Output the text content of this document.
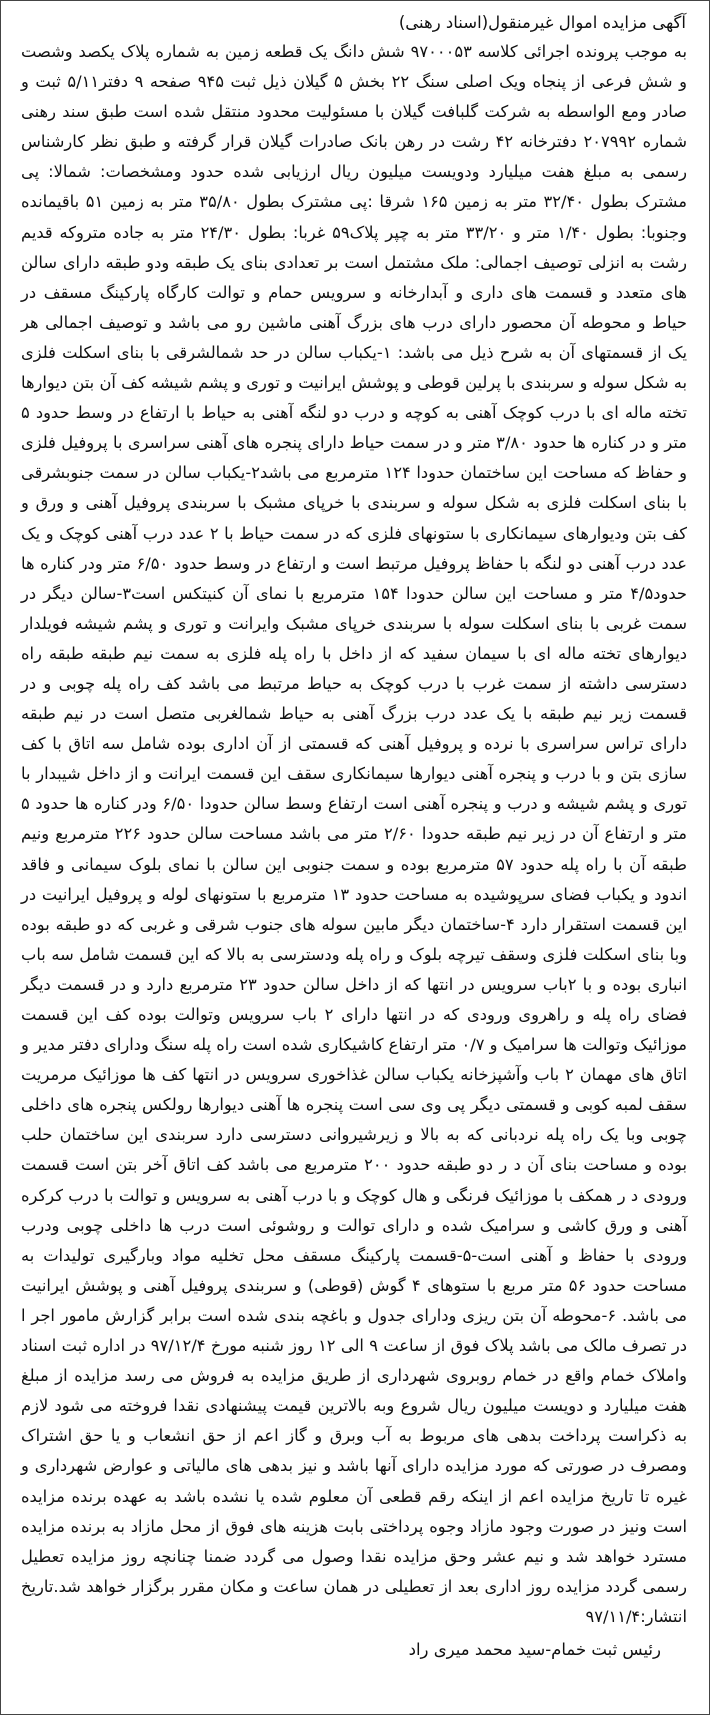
آگهی مزایده اموال غیرمنقول(اسناد رهنی)

به موجب پرونده اجرائی کلاسه ۹۷۰۰۰۵۳ شش دانگ یک قطعه زمین به شماره پلاک یکصد وشصت و شش فرعی از پنجاه ویک اصلی سنگ ۲۲ بخش ۵ گیلان ذیل ثبت ۹۴۵ صفحه ۹ دفتر۵/۱۱ ثبت و صادر ومع الواسطه به شرکت گلبافت گیلان با مسئولیت محدود منتقل شده است طبق سند رهنی شماره ۲۰۷۹۹۲ دفترخانه ۴۲ رشت در رهن بانک صادرات گیلان قرار گرفته و طبق نظر کارشناس رسمی به مبلغ هفت میلیارد ودویست میلیون ریال ارزیابی شده حدود ومشخصات: شمالا: پی مشترک بطول ۳۲/۴۰ متر به زمین ۱۶۵ شرقا :پی مشترک بطول ۳۵/۸۰ متر به زمین ۵۱ باقیمانده وجنوبا: بطول ۱/۴۰ متر و ۳۳/۲۰ متر به چپر پلاک۵۹ غربا: بطول ۲۴/۳۰ متر به جاده متروکه قدیم رشت به انزلی توصیف اجمالی: ملک مشتمل است بر تعدادی بنای یک طبقه ودو طبقه دارای سالن های متعدد و قسمت های داری و آبدارخانه و سرویس حمام و توالت کارگاه پارکینگ مسقف در حیاط و محوطه آن محصور دارای درب های بزرگ آهنی ماشین رو می باشد و توصیف اجمالی هر یک از قسمتهای آن به شرح ذیل می باشد: ۱-یکباب سالن در حد شمالشرقی با بنای اسکلت فلزی به شکل سوله و سربندی با پرلین قوطی و پوشش ایرانیت و توری و پشم شیشه کف آن بتن دیوارها تخته ماله ای با درب کوچک آهنی به کوچه و درب دو لنگه آهنی به حیاط با ارتفاع در وسط حدود ۵ متر و در کناره ها حدود ۳/۸۰ متر و در سمت حیاط دارای پنجره های آهنی سراسری با پروفیل فلزی و حفاظ که مساحت این ساختمان حدودا ۱۲۴ مترمربع می باشد۲-یکباب سالن در سمت جنوبشرقی با بنای اسکلت فلزی به شکل سوله و سربندی با خرپای مشبک با سربندی پروفیل آهنی و ورق و کف بتن ودیوارهای سیمانکاری با ستونهای فلزی که در سمت حیاط با ۲ عدد درب آهنی کوچک و یک عدد درب آهنی دو لنگه با حفاظ پروفیل مرتبط است و ارتفاع در وسط حدود ۶/۵۰ متر ودر کناره ها حدود۴/۵ متر و مساحت این سالن حدودا ۱۵۴ مترمربع با نمای آن کنیتکس است۳-سالن دیگر در سمت غربی با بنای اسکلت سوله با سربندی خرپای مشبک وایرانت و توری و پشم شیشه فویلدار دیوارهای تخته ماله ای با سیمان سفید که از داخل با راه پله فلزی به سمت نیم طبقه طبقه راه دسترسی داشته از سمت غرب با درب کوچک به حیاط مرتبط می باشد کف راه پله چوبی و در قسمت زیر نیم طبقه با یک عدد درب بزرگ آهنی به حیاط شمالغربی متصل است در نیم طبقه دارای تراس سراسری با نرده و پروفیل آهنی که قسمتی از آن اداری بوده شامل سه اتاق با کف سازی بتن و با درب و پنجره آهنی دیوارها سیمانکاری سقف این قسمت ایرانت و از داخل شیبدار با توری و پشم شیشه و درب و پنجره آهنی است ارتفاع وسط سالن حدودا ۶/۵۰ ودر کناره ها حدود ۵ متر و ارتفاع آن در زیر نیم طبقه حدودا ۲/۶۰ متر می باشد مساحت سالن حدود ۲۲۶ مترمربع ونیم طبقه آن با راه پله حدود ۵۷ مترمربع بوده و سمت جنوبی این سالن با نمای بلوک سیمانی و فاقد اندود و یکباب فضای سرپوشیده به مساحت حدود ۱۳ مترمربع با ستونهای لوله و پروفیل ایرانیت در این قسمت استقرار دارد ۴-ساختمان دیگر مابین سوله های جنوب شرقی و غربی که دو طبقه بوده وبا بنای اسکلت فلزی وسقف تیرچه بلوک و راه پله ودسترسی به بالا که این قسمت شامل سه باب انباری بوده و با ۲باب سرویس در انتها که از داخل سالن حدود ۲۳ مترمربع دارد و در قسمت دیگر فضای راه پله و راهروی ورودی که در انتها دارای ۲ باب سرویس وتوالت بوده کف این قسمت موزائیک وتوالت ها سرامیک و ۰/۷ متر ارتفاع کاشیکاری شده است راه پله سنگ ودارای دفتر مدیر و اتاق های مهمان ۲ باب وآشپزخانه یکباب سالن غذاخوری سرویس در انتها کف ها موزائیک مرمریت سقف لمبه کوبی و قسمتی دیگر پی وی سی است پنجره ها آهنی دیوارها رولکس پنجره های داخلی چوبی وبا یک راه پله نردبانی که به بالا و زیرشیروانی دسترسی دارد سربندی این ساختمان حلب بوده و مساحت بنای آن د ر دو طبقه حدود ۲۰۰ مترمربع می باشد کف اتاق آخر بتن است قسمت ورودی د ر همکف با موزائیک فرنگی و هال کوچک و با درب آهنی به سرویس و توالت با درب کرکره آهنی و ورق کاشی و سرامیک شده و دارای توالت و روشوئی است درب ها داخلی چوبی ودرب ورودی با حفاظ و آهنی است-۵-قسمت پارکینگ مسقف محل تخلیه مواد وبارگیری تولیدات به مساحت حدود ۵۶ متر مربع با ستوهای ۴ گوش (قوطی) و سربندی پروفیل آهنی و پوشش ایرانیت می باشد. ۶-محوطه آن بتن ریزی ودارای جدول و باغچه بندی شده است برابر گزارش مامور اجر ا در تصرف مالک می باشد پلاک فوق از ساعت ۹ الی ۱۲ روز شنبه مورخ ۹۷/۱۲/۴ در اداره ثبت اسناد واملاک خمام واقع در خمام روبروی شهرداری از طریق مزایده به فروش می رسد مزایده از مبلغ هفت میلیارد و دویست میلیون ریال شروع وبه بالاترین قیمت پیشنهادی نقدا فروخته می شود لازم به ذکراست پرداخت بدهی های مربوط به آب وبرق و گاز اعم از حق انشعاب و یا حق اشتراک ومصرف در صورتی که مورد مزایده دارای آنها باشد و نیز بدهی های مالیاتی و عوارض شهرداری و غیره تا تاریخ مزایده اعم از اینکه رقم قطعی آن معلوم شده یا نشده باشد به عهده برنده مزایده است ونیز در صورت وجود مازاد وجوه پرداختی بابت هزینه های فوق از محل مازاد به برنده مزایده مسترد خواهد شد و نیم عشر وحق مزایده نقدا وصول می گردد ضمنا چنانچه روز مزایده تعطیل رسمی گردد مزایده روز اداری بعد از تعطیلی در همان ساعت و مکان مقرر برگزار خواهد شد.تاریخ انتشار:۹۷/۱۱/۴

رئیس ثبت خمام-سید محمد میری راد
